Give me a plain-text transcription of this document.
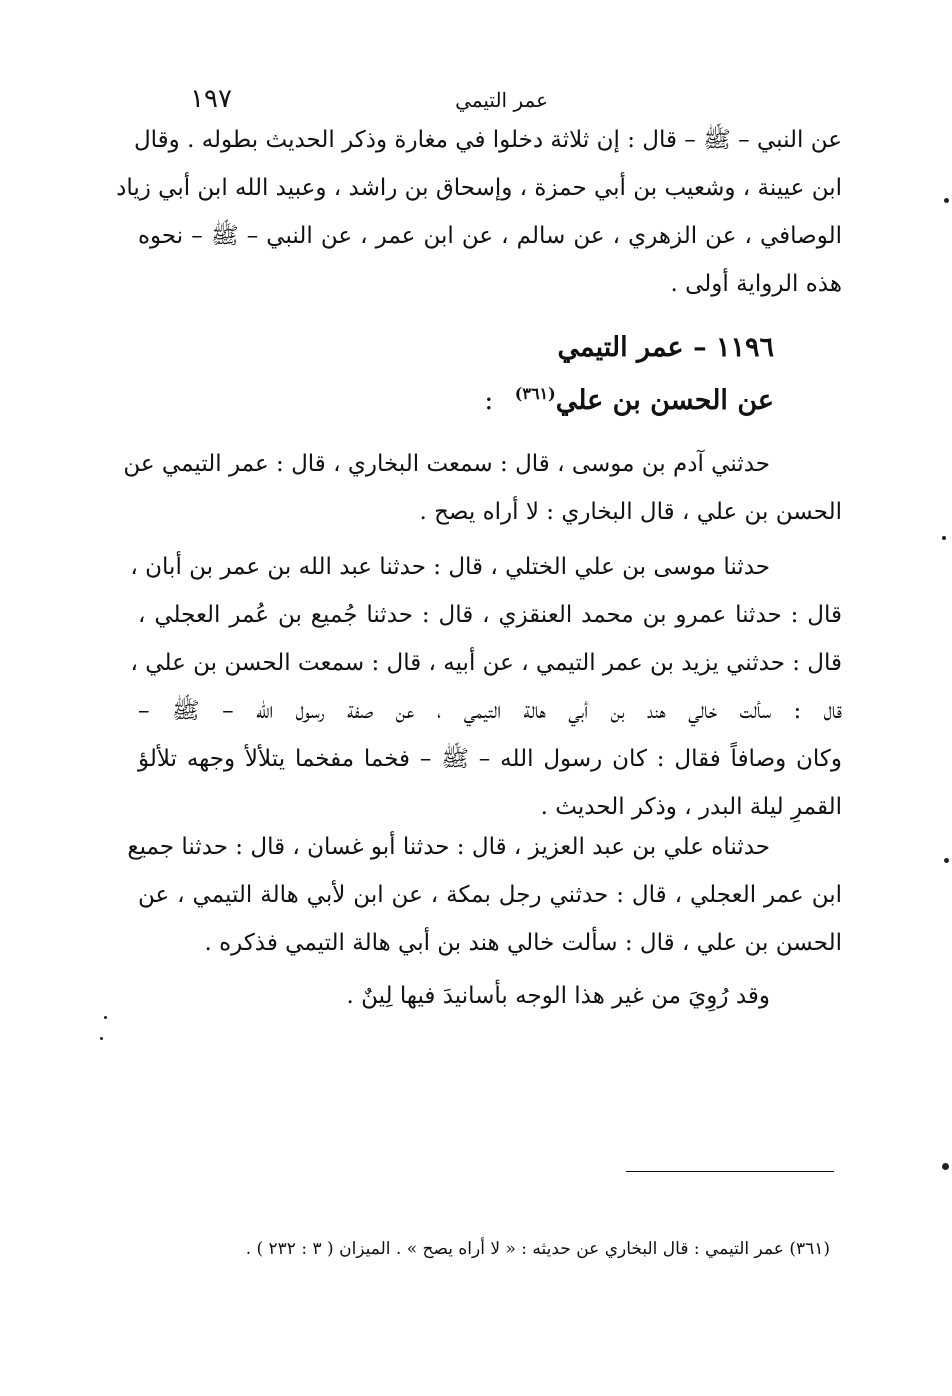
١٩٧	عمر التيمي
عن النبي – ﷺ – قال : إن ثلاثة دخلوا في مغارة وذكر الحديث بطوله . وقال
ابن عيينة ، وشعيب بن أبي حمزة ، وإسحاق بن راشد ، وعبيد الله ابن أبي زياد
الوصافي ، عن الزهري ، عن سالم ، عن ابن عمر ، عن النبي – ﷺ – نحوه
هذه الرواية أولى .
١١٩٦ – عمر التيمي
عن الحسن بن علي$^{(٣٦١)}$ :
حدثني آدم بن موسى ، قال : سمعت البخاري ، قال : عمر التيمي عن
الحسن بن علي ، قال البخاري : لا أراه يصح .
حدثنا موسى بن علي الختلي ، قال : حدثنا عبد الله بن عمر بن أبان ،
قال : حدثنا عمرو بن محمد العنقزي ، قال : حدثنا جُميع بن عُمر العجلي ،
قال : حدثني يزيد بن عمر التيمي ، عن أبيه ، قال : سمعت الحسن بن علي ،
قال : سألت خالي هند بن أبي هالة التيمي ، عن صفة رسول الله – ﷺ –
وكان وصافاً فقال : كان رسول الله – ﷺ – فخما مفخما يتلألأ وجهه تلألؤ
القمرِ ليلة البدر ، وذكر الحديث .
حدثناه علي بن عبد العزيز ، قال : حدثنا أبو غسان ، قال : حدثنا جميع
ابن عمر العجلي ، قال : حدثني رجل بمكة ، عن ابن لأبي هالة التيمي ، عن
الحسن بن علي ، قال : سألت خالي هند بن أبي هالة التيمي فذكره .
وقد رُوِيَ من غير هذا الوجه بأسانيدَ فيها لِينٌ .
(٣٦١) عمر التيمي : قال البخاري عن حديثه : « لا أراه يصح » . الميزان ( ٣ : ٢٣٢ ) .
